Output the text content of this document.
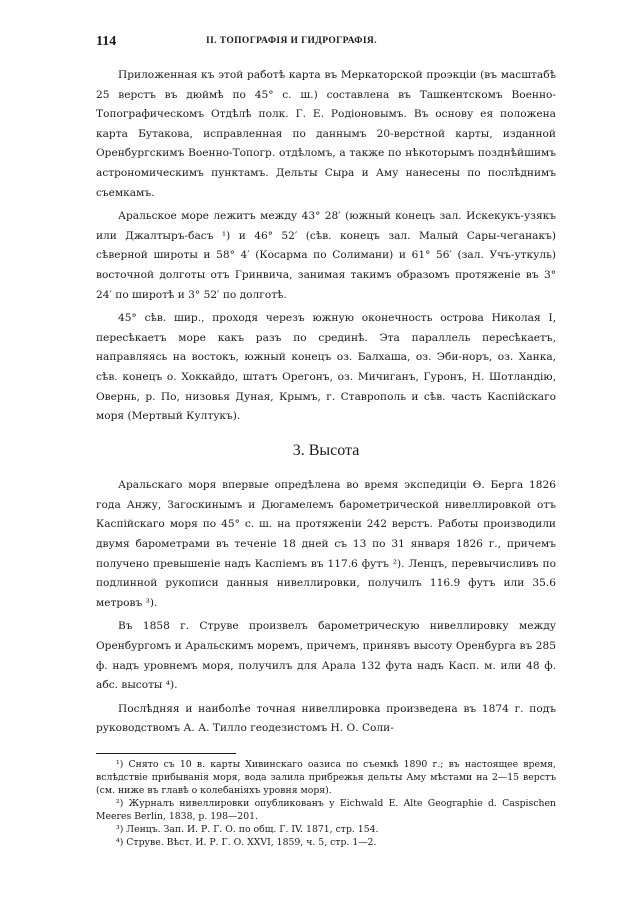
114	II. ТОПОГРАФІЯ И ГИДРОГРАФІЯ.

Приложенная къ этой работѣ карта въ Меркаторской проэкціи (въ масштабѣ 25 верстъ въ дюймѣ по 45° с. ш.) составлена въ Ташкентскомъ Военно-Топографическомъ Отдѣлѣ полк. Г. Е. Родіоновымъ. Въ основу ея положена карта Бутакова, исправленная по даннымъ 20-верстной карты, изданной Оренбургскимъ Военно-Топогр. отдѣломъ, а также по нѣкоторымъ позднѣйшимъ астрономическимъ пунктамъ. Дельты Сыра и Аму нанесены по послѣднимъ съемкамъ.

Аральское море лежитъ между 43° 28′ (южный конецъ зал. Искекукъ-узякъ или Джалтыръ-басъ ¹) и 46° 52′ (сѣв. конецъ зал. Малый Сары-чеганакъ) сѣверной широты и 58° 4′ (Косарма по Солимани) и 61° 56′ (зал. Учъ-уткуль) восточной долготы отъ Гринвича, занимая такимъ образомъ протяженіе въ 3° 24′ по широтѣ и 3° 52′ по долготѣ.

45° сѣв. шир., проходя черезъ южную оконечность острова Николая I, пересѣкаетъ море какъ разъ по срединѣ. Эта параллель пересѣкаетъ, направляясь на востокъ, южный конецъ оз. Балхаша, оз. Эби-норъ, оз. Ханка, сѣв. конецъ о. Хоккайдо, штатъ Орегонъ, оз. Мичиганъ, Гуронъ, Н. Шотландію, Овернь, р. По, низовья Дуная, Крымъ, г. Ставрополь и сѣв. часть Каспійскаго моря (Мертвый Култукъ).

3. Высота

Аральскаго моря впервые опредѣлена во время экспедиціи Ѳ. Берга 1826 года Анжу, Загоскинымъ и Дюгамелемъ барометрической нивеллировкой отъ Каспійскаго моря по 45° с. ш. на протяженіи 242 верстъ. Работы производили двумя барометрами въ теченіе 18 дней съ 13 по 31 января 1826 г., причемъ получено превышеніе надъ Каспіемъ въ 117.6 футъ ²). Ленцъ, перевычисливъ по подлинной рукописи данныя нивеллировки, получилъ 116.9 футъ или 35.6 метровъ ³).

Въ 1858 г. Струве произвелъ барометрическую нивеллировку между Оренбургомъ и Аральскимъ моремъ, причемъ, принявъ высоту Оренбурга въ 285 ф. надъ уровнемъ моря, получилъ для Арала 132 фута надъ Касп. м. или 48 ф. абс. высоты ⁴).

Послѣдняя и наиболѣе точная нивеллировка произведена въ 1874 г. подъ руководствомъ А. А. Тилло геодезистомъ Н. О. Соли-

¹) Снято съ 10 в. карты Хивинскаго оазиса по съемкѣ 1890 г.; въ настоящее время, вслѣдствіе прибыванія моря, вода залила прибрежья дельты Аму мѣстами на 2—15 верстъ (см. ниже въ главѣ о колебаніяхъ уровня моря).

²) Журналъ нивеллировки опубликованъ у Eichwald E. Alte Geographie d. Caspischen Meeres Berlin, 1838, p. 198—201.

³) Ленцъ. Зап. И. Р. Г. О. по общ. Г. IV. 1871, стр. 154.

⁴) Струве. Вѣст. И. Р. Г. О. XXVI, 1859, ч. 5, стр. 1—2.
